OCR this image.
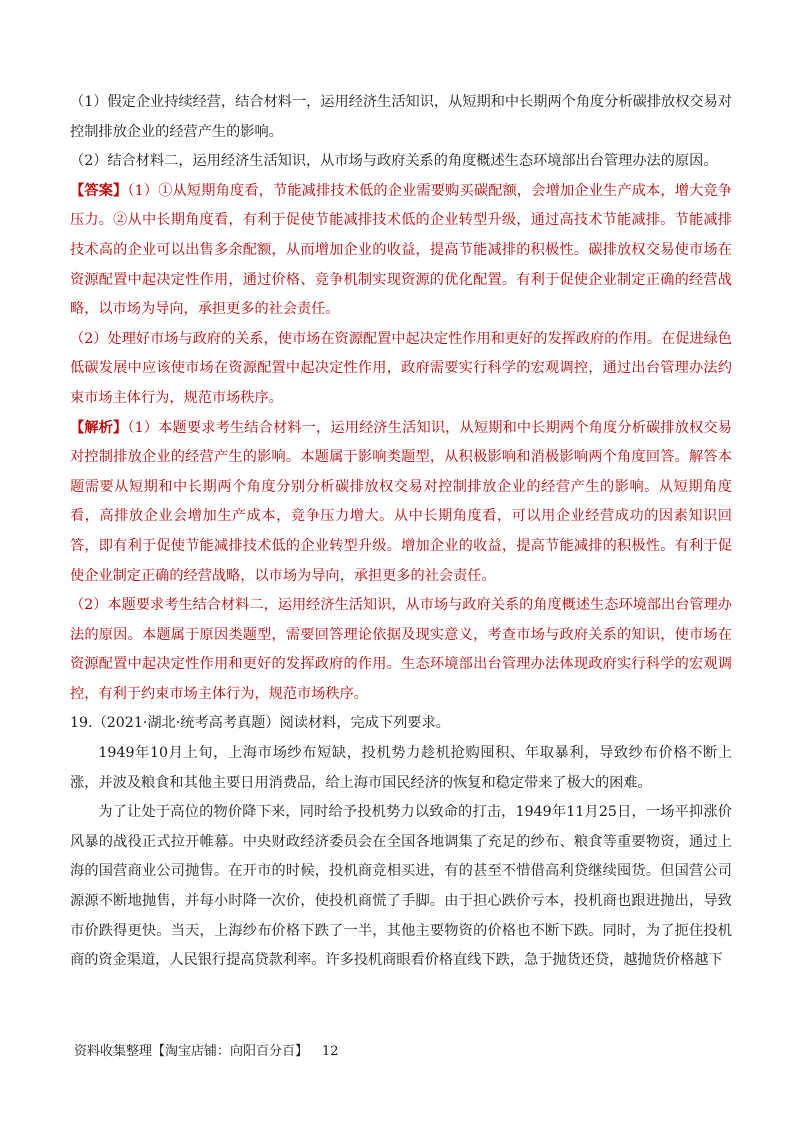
（1）假定企业持续经营，结合材料一，运用经济生活知识，从短期和中长期两个角度分析碳排放权交易对控制排放企业的经营产生的影响。

（2）结合材料二，运用经济生活知识，从市场与政府关系的角度概述生态环境部出台管理办法的原因。

【答案】（1）①从短期角度看，节能减排技术低的企业需要购买碳配额，会增加企业生产成本，增大竞争压力。②从中长期角度看，有利于促使节能减排技术低的企业转型升级，通过高技术节能减排。节能减排技术高的企业可以出售多余配额，从而增加企业的收益，提高节能减排的积极性。碳排放权交易使市场在资源配置中起决定性作用，通过价格、竞争机制实现资源的优化配置。有利于促使企业制定正确的经营战略，以市场为导向，承担更多的社会责任。

（2）处理好市场与政府的关系，使市场在资源配置中起决定性作用和更好的发挥政府的作用。在促进绿色低碳发展中应该使市场在资源配置中起决定性作用，政府需要实行科学的宏观调控，通过出台管理办法约束市场主体行为，规范市场秩序。

【解析】（1）本题要求考生结合材料一，运用经济生活知识，从短期和中长期两个角度分析碳排放权交易对控制排放企业的经营产生的影响。本题属于影响类题型，从积极影响和消极影响两个角度回答。解答本题需要从短期和中长期两个角度分别分析碳排放权交易对控制排放企业的经营产生的影响。从短期角度看，高排放企业会增加生产成本，竞争压力增大。从中长期角度看，可以用企业经营成功的因素知识回答，即有利于促使节能减排技术低的企业转型升级。增加企业的收益，提高节能减排的积极性。有利于促使企业制定正确的经营战略，以市场为导向，承担更多的社会责任。

（2）本题要求考生结合材料二，运用经济生活知识，从市场与政府关系的角度概述生态环境部出台管理办法的原因。本题属于原因类题型，需要回答理论依据及现实意义，考查市场与政府关系的知识，使市场在资源配置中起决定性作用和更好的发挥政府的作用。生态环境部出台管理办法体现政府实行科学的宏观调控，有利于约束市场主体行为，规范市场秩序。

19.（2021·湖北·统考高考真题）阅读材料，完成下列要求。

1949年10月上旬，上海市场纱布短缺，投机势力趁机抢购囤积、年取暴利，导致纱布价格不断上涨，并波及粮食和其他主要日用消费品，给上海市国民经济的恢复和稳定带来了极大的困难。

为了让处于高位的物价降下来，同时给予投机势力以致命的打击，1949年11月25日，一场平抑涨价风暴的战役正式拉开帷幕。中央财政经济委员会在全国各地调集了充足的纱布、粮食等重要物资，通过上海的国营商业公司抛售。在开市的时候，投机商竞相买进，有的甚至不惜借高利贷继续囤货。但国营公司源源不断地抛售，并每小时降一次价，使投机商慌了手脚。由于担心跌价亏本，投机商也跟进抛出，导致市价跌得更快。当天，上海纱布价格下跌了一半，其他主要物资的价格也不断下跌。同时，为了扼住投机商的资金渠道，人民银行提高贷款利率。许多投机商眼看价格直线下跌，急于抛货还贷，越抛货价格越下

资料收集整理【淘宝店铺：向阳百分百】 12
